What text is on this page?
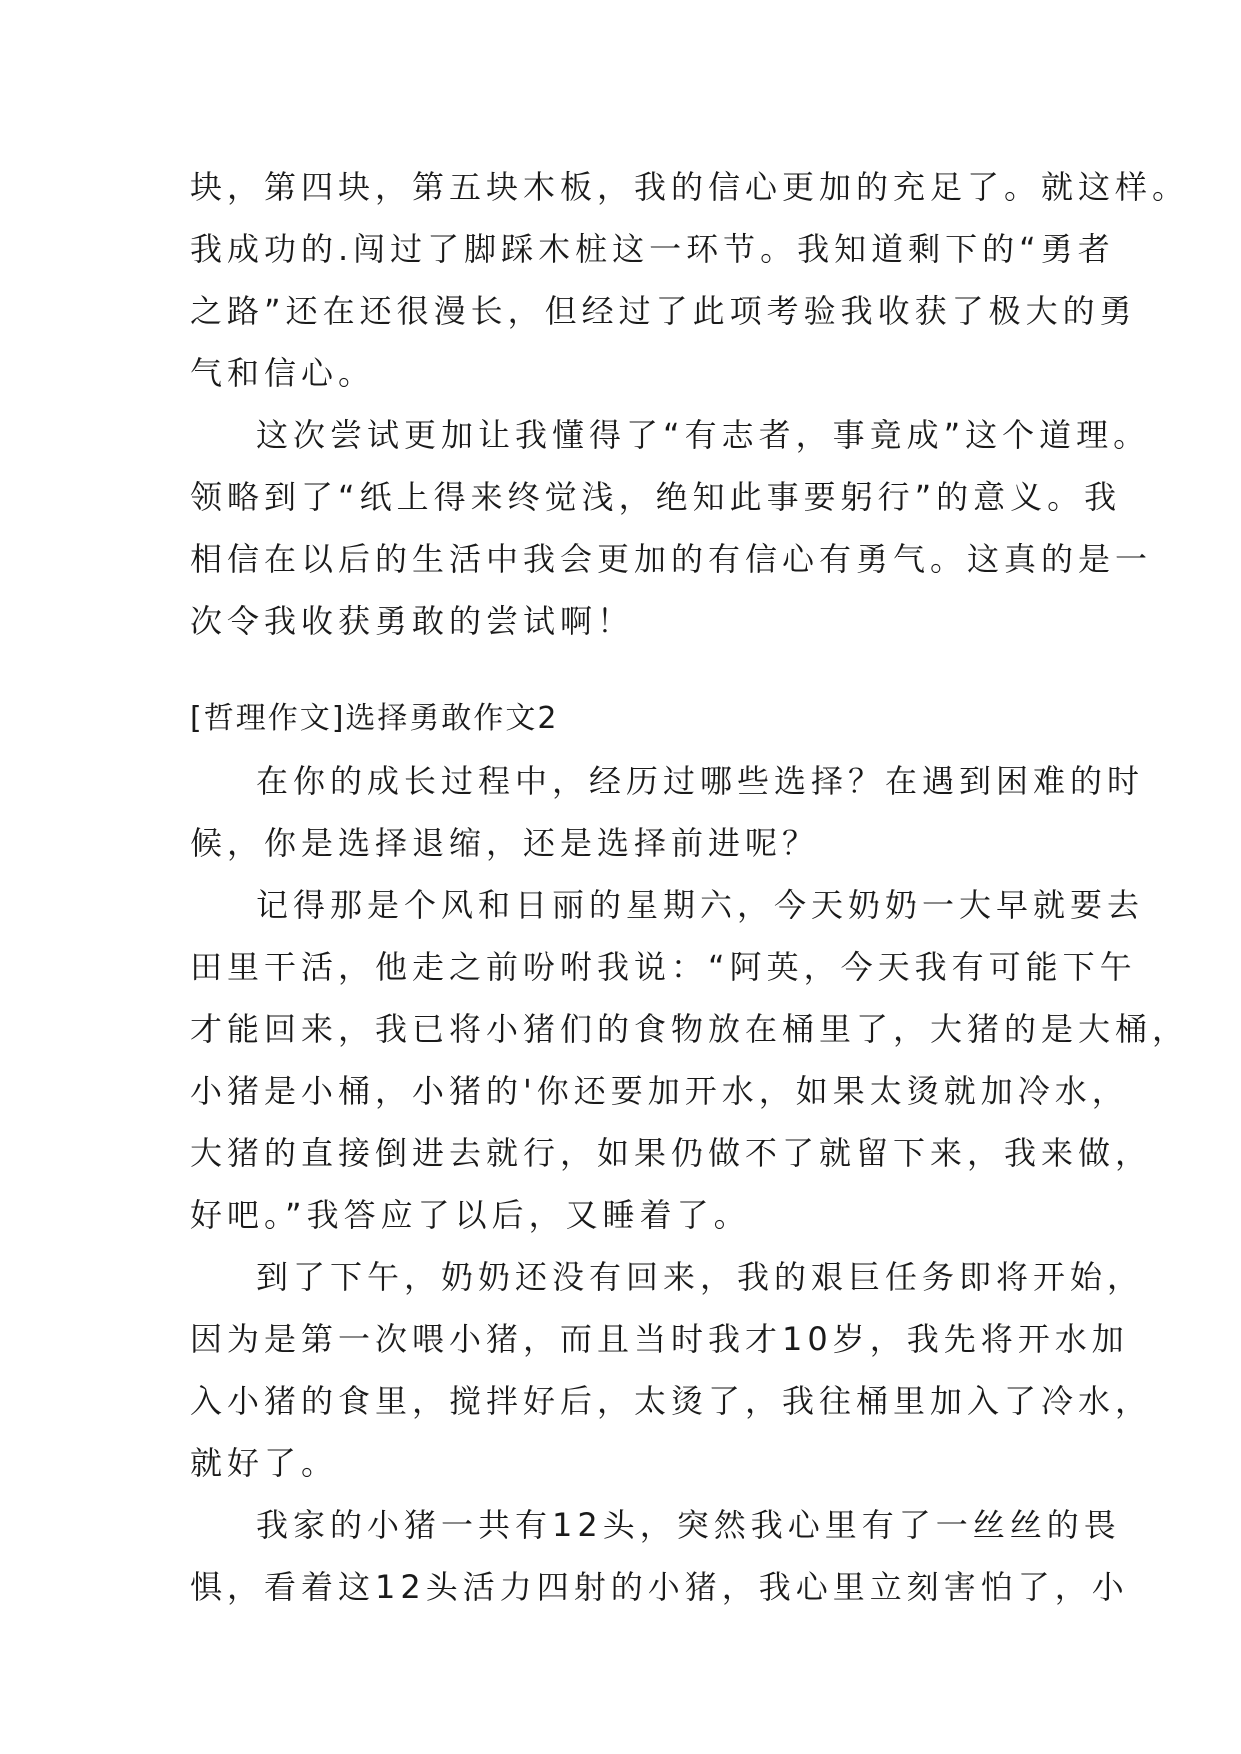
块，第四块，第五块木板，我的信心更加的充足了。就这样。
我成功的.闯过了脚踩木桩这一环节。我知道剩下的“勇者
之路”还在还很漫长，但经过了此项考验我收获了极大的勇
气和信心。
这次尝试更加让我懂得了“有志者，事竟成”这个道理。
领略到了“纸上得来终觉浅，绝知此事要躬行”的意义。我
相信在以后的生活中我会更加的有信心有勇气。这真的是一
次令我收获勇敢的尝试啊！
[哲理作文]选择勇敢作文2
在你的成长过程中，经历过哪些选择？在遇到困难的时
候，你是选择退缩，还是选择前进呢？
记得那是个风和日丽的星期六，今天奶奶一大早就要去
田里干活，他走之前吩咐我说：“阿英，今天我有可能下午
才能回来，我已将小猪们的食物放在桶里了，大猪的是大桶，
小猪是小桶，小猪的'你还要加开水，如果太烫就加冷水，
大猪的直接倒进去就行，如果仍做不了就留下来，我来做，
好吧。”我答应了以后，又睡着了。
到了下午，奶奶还没有回来，我的艰巨任务即将开始，
因为是第一次喂小猪，而且当时我才10岁，我先将开水加
入小猪的食里，搅拌好后，太烫了，我往桶里加入了冷水，
就好了。
我家的小猪一共有12头，突然我心里有了一丝丝的畏
惧，看着这12头活力四射的小猪，我心里立刻害怕了，小
